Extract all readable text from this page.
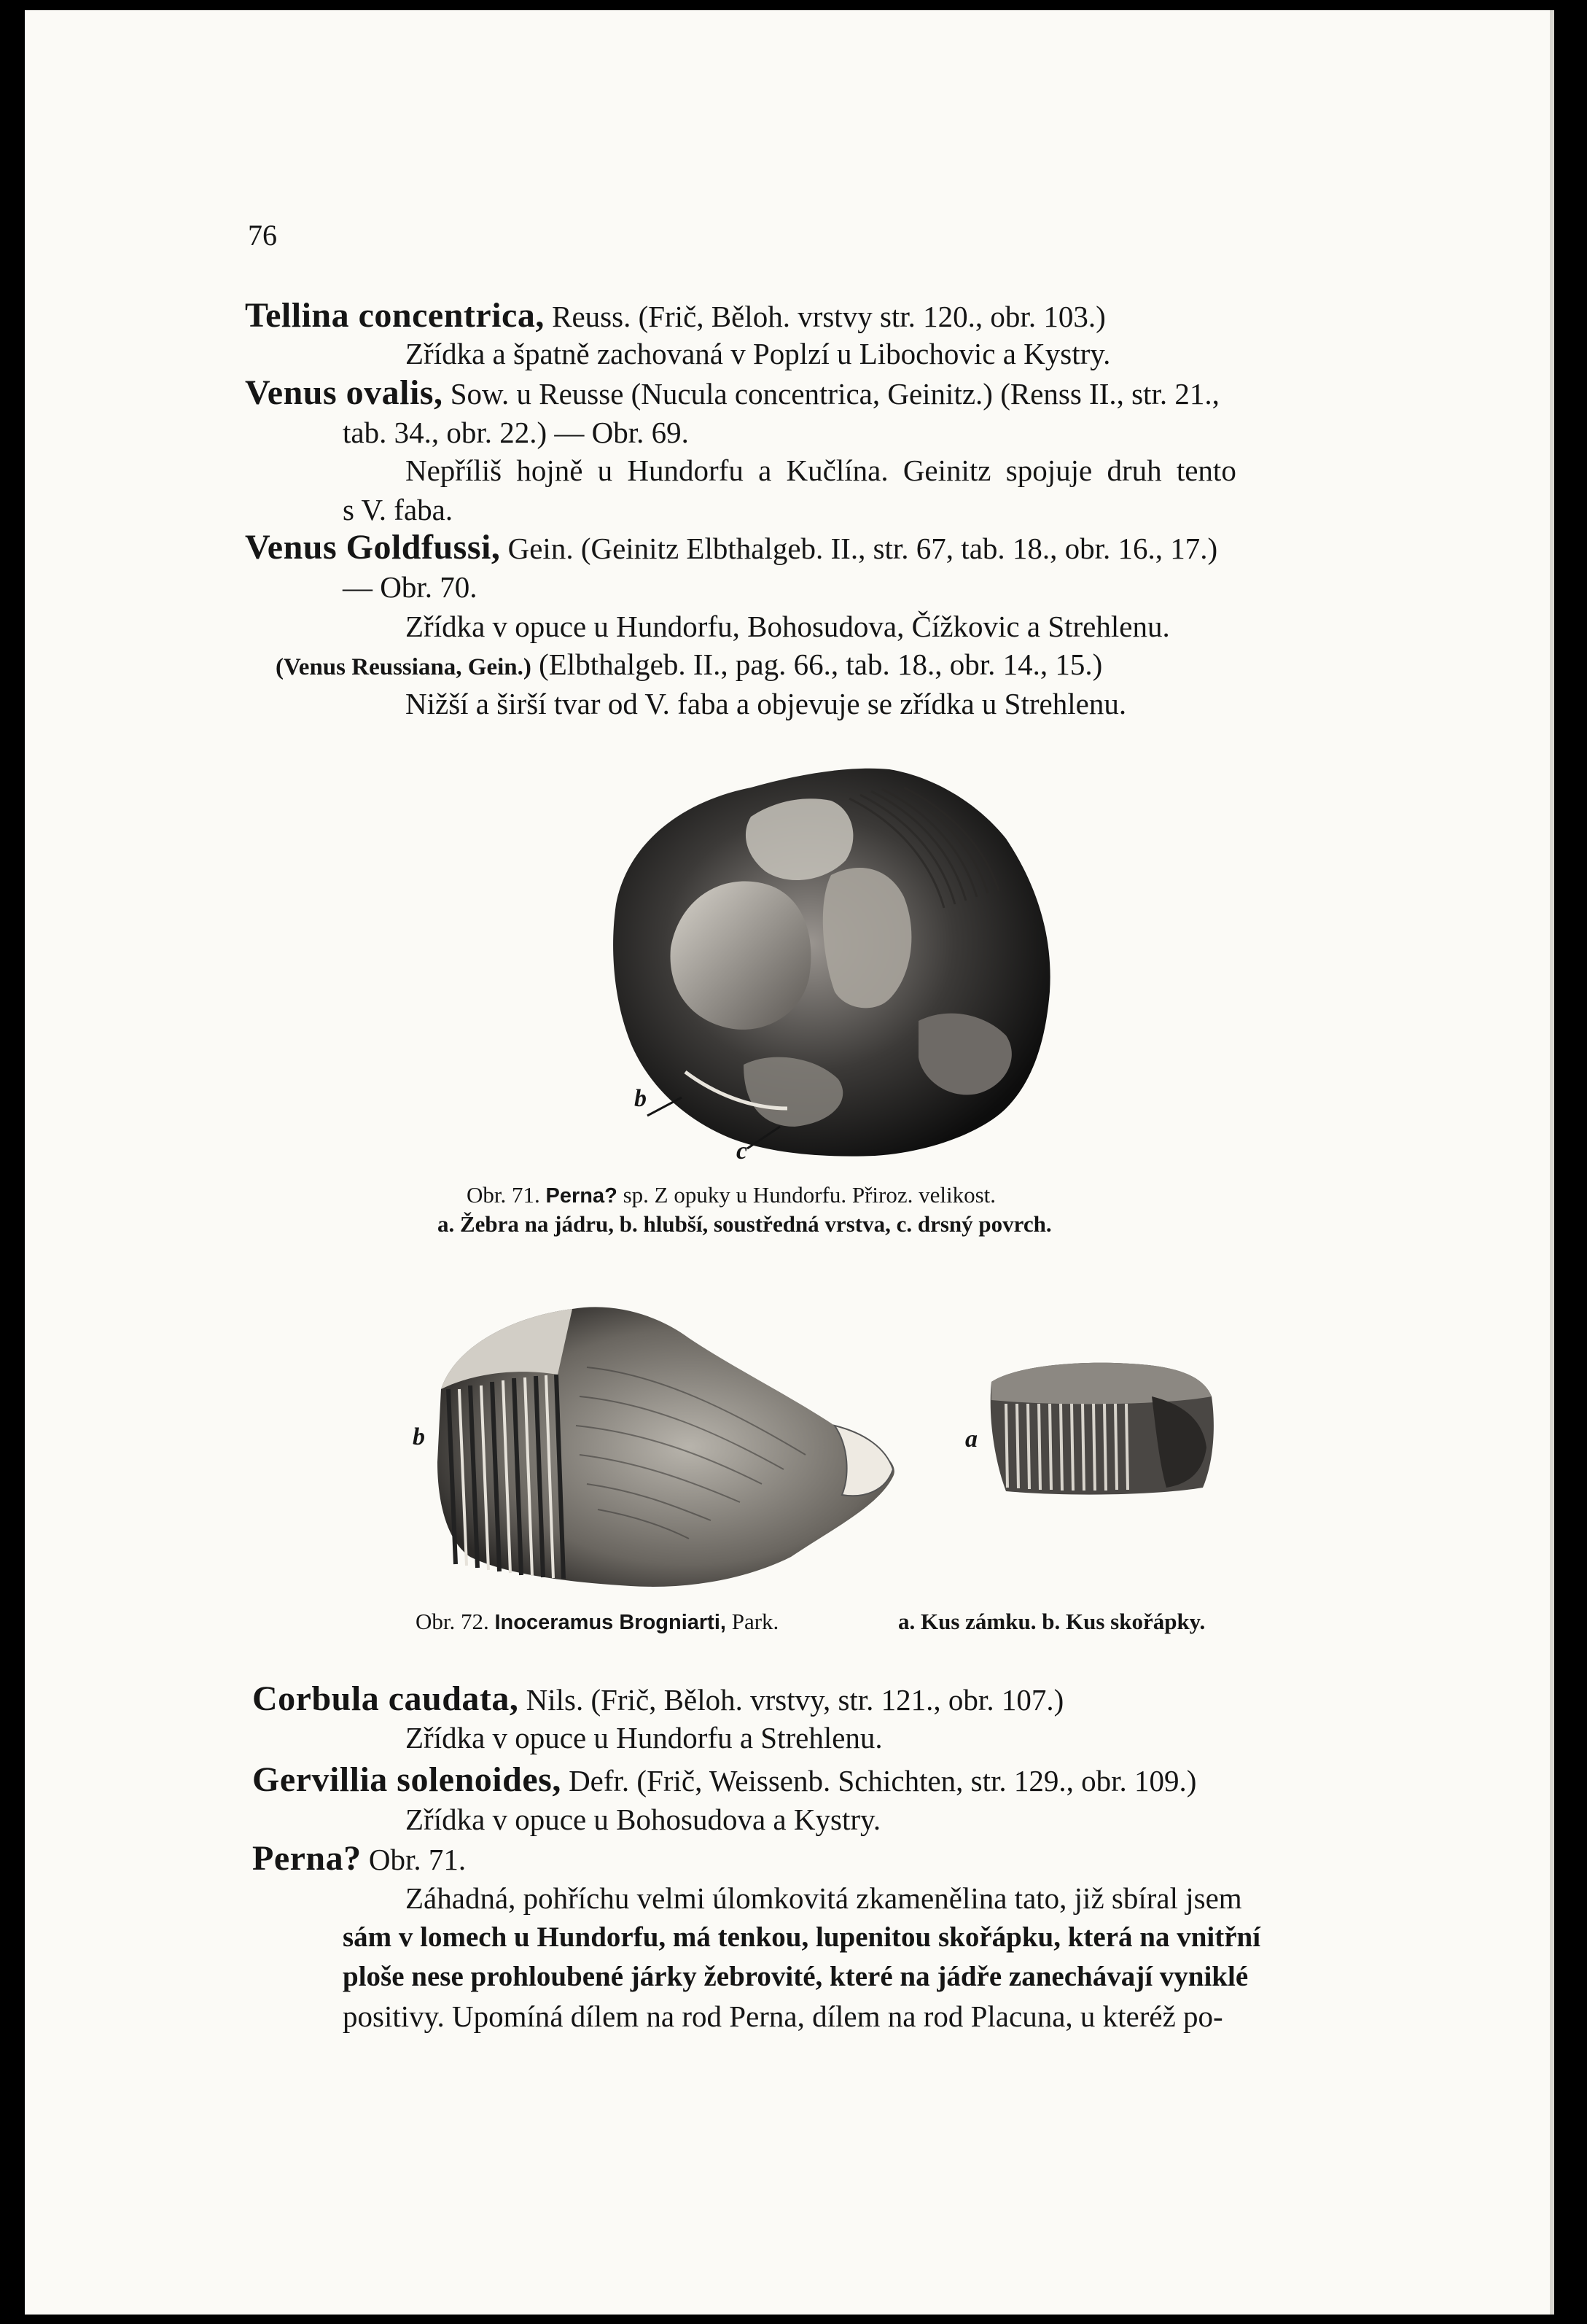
76
Tellina concentrica, Reuss. (Frič, Běloh. vrstvy str. 120., obr. 103.)
Zřídka a špatně zachovaná v Poplzí u Libochovic a Kystry.
Venus ovalis, Sow. u Reusse (Nucula concentrica, Geinitz.) (Renss II., str. 21.,
tab. 34., obr. 22.) — Obr. 69.
Nepříliš hojně u Hundorfu a Kučlína. Geinitz spojuje druh tento
s V. faba.
Venus Goldfussi, Gein. (Geinitz Elbthalgeb. II., str. 67, tab. 18., obr. 16., 17.)
— Obr. 70.
Zřídka v opuce u Hundorfu, Bohosudova, Čížkovic a Strehlenu.
(Venus Reussiana, Gein.) (Elbthalgeb. II., pag. 66., tab. 18., obr. 14., 15.)
Nižší a širší tvar od V. faba a objevuje se zřídka u Strehlenu.
b
c
Obr. 71. Perna? sp. Z opuky u Hundorfu. Přiroz. velikost.
a. Žebra na jádru, b. hlubší, soustředná vrstva, c. drsný povrch.
b	a
Obr. 72. Inoceramus Brogniarti, Park.	a. Kus zámku. b. Kus skořápky.
Corbula caudata, Nils. (Frič, Běloh. vrstvy, str. 121., obr. 107.)
Zřídka v opuce u Hundorfu a Strehlenu.
Gervillia solenoides, Defr. (Frič, Weissenb. Schichten, str. 129., obr. 109.)
Zřídka v opuce u Bohosudova a Kystry.
Perna? Obr. 71.
Záhadná, pohříchu velmi úlomkovitá zkamenělina tato, již sbíral jsem
sám v lomech u Hundorfu, má tenkou, lupenitou skořápku, která na vnitřní
ploše nese prohloubené járky žebrovité, které na jádře zanechávají vyniklé
positivy. Upomíná dílem na rod Perna, dílem na rod Placuna, u kteréž po-
